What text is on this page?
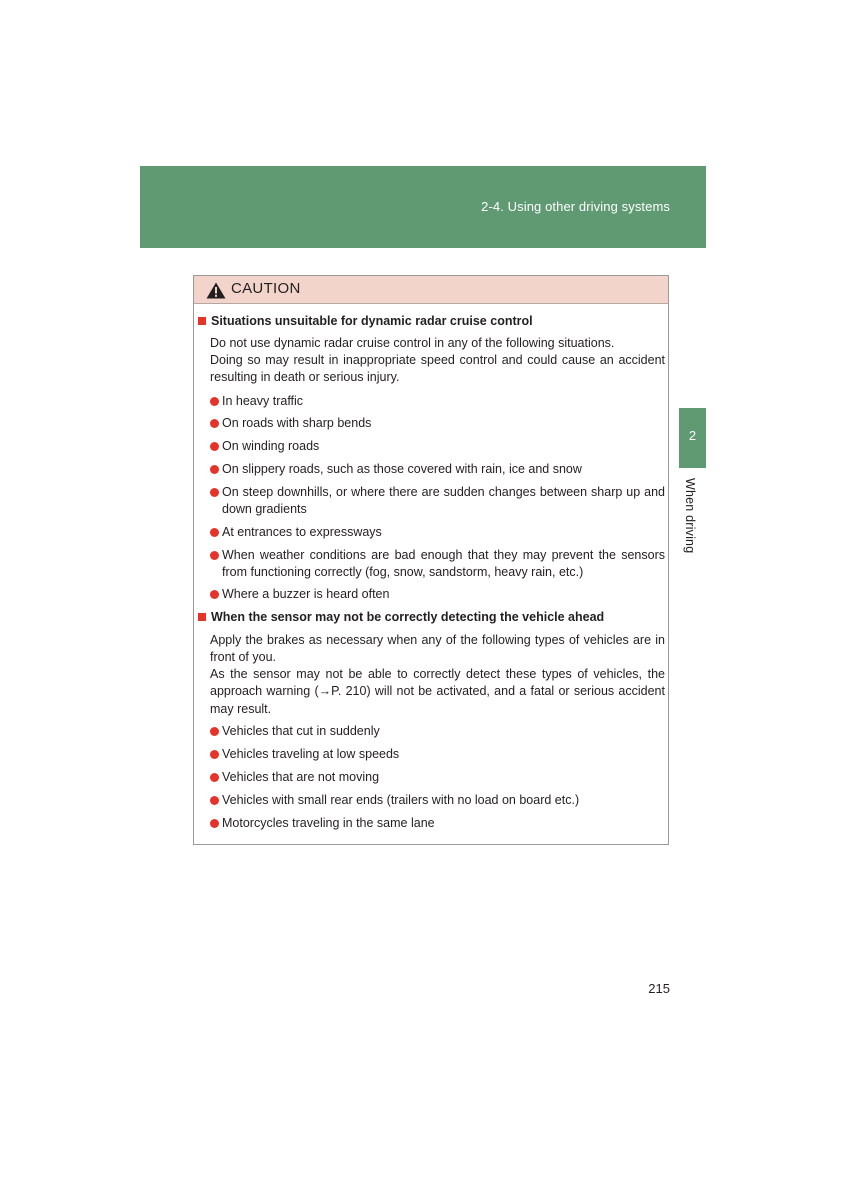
2-4. Using other driving systems
2
When driving
CAUTION
Situations unsuitable for dynamic radar cruise control
Do not use dynamic radar cruise control in any of the following situations.
Doing so may result in inappropriate speed control and could cause an accident resulting in death or serious injury.
In heavy traffic
On roads with sharp bends
On winding roads
On slippery roads, such as those covered with rain, ice and snow
On steep downhills, or where there are sudden changes between sharp up and down gradients
At entrances to expressways
When weather conditions are bad enough that they may prevent the sensors from functioning correctly (fog, snow, sandstorm, heavy rain, etc.)
Where a buzzer is heard often
When the sensor may not be correctly detecting the vehicle ahead
Apply the brakes as necessary when any of the following types of vehicles are in front of you.
As the sensor may not be able to correctly detect these types of vehicles, the approach warning (→P. 210) will not be activated, and a fatal or serious accident may result.
Vehicles that cut in suddenly
Vehicles traveling at low speeds
Vehicles that are not moving
Vehicles with small rear ends (trailers with no load on board etc.)
Motorcycles traveling in the same lane
215
